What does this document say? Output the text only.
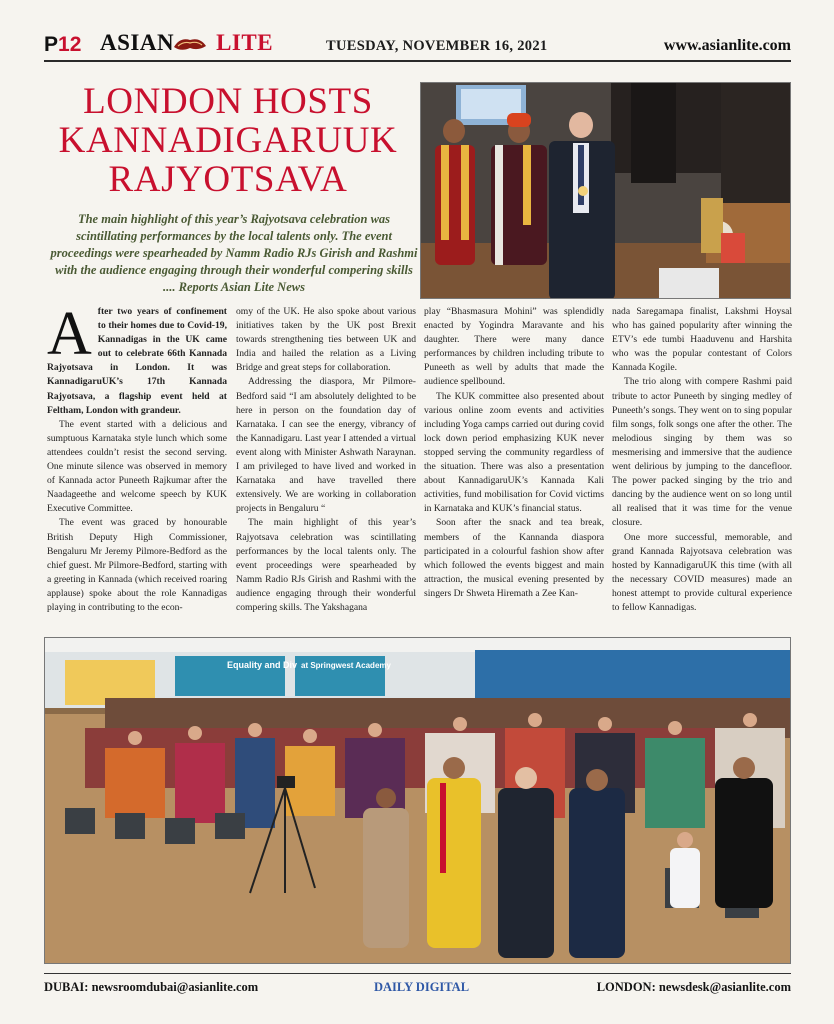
P12 ASIAN LITE	TUESDAY, NOVEMBER 16, 2021	www.asianlite.com
LONDON HOSTS KANNADIGARUUK RAJYOTSAVA

The main highlight of this year’s Rajyotsava celebration was scintillating performances by the local talents only. The event proceedings were spearheaded by Namm Radio RJs Girish and Rashmi with the audience engaging through their wonderful compering skills .... Reports Asian Lite News

After two years of confinement to their homes due to Covid-19, Kannadigas in the UK came out to celebrate 66th Kannada Rajyotsava in London. It was KannadigaruUK’s 17th Kannada Rajyotsava, a flagship event held at Feltham, London with grandeur.

The event started with a delicious and sumptuous Karnataka style lunch which some attendees couldn’t resist the second serving. One minute silence was observed in memory of Kannada actor Puneeth Rajkumar after the Naadageethe and welcome speech by KUK Executive Committee.

The event was graced by honourable British Deputy High Commissioner, Bengaluru Mr Jeremy Pilmore-Bedford as the chief guest. Mr Pilmore-Bedford, starting with a greeting in Kannada (which received roaring applause) spoke about the role Kannadigas playing in contributing to the econ-

omy of the UK. He also spoke about various initiatives taken by the UK post Brexit towards strengthening ties between UK and India and hailed the relation as a Living Bridge and great steps for collaboration.

Addressing the diaspora, Mr Pilmore-Bedford said “I am absolutely delighted to be here in person on the foundation day of Karnataka. I can see the energy, vibrancy of the Kannadigaru. Last year I attended a virtual event along with Minister Ashwath Naraynan. I am privileged to have lived and worked in Karnataka and have travelled there extensively. We are working in collaboration projects in Bengaluru “

The main highlight of this year’s Rajyotsava celebration was scintillating performances by the local talents only. The event proceedings were spearheaded by Namm Radio RJs Girish and Rashmi with the audience engaging through their wonderful compering skills. The Yakshagana

play “Bhasmasura Mohini” was splendidly enacted by Yogindra Maravante and his daughter. There were many dance performances by children including tribute to Puneeth as well by adults that made the audience spellbound.

The KUK committee also presented about various online zoom events and activities including Yoga camps carried out during covid lock down period emphasizing KUK never stopped serving the community regardless of the situation. There was also a presentation about KannadigaruUK’s Kannada Kali activities, fund mobilisation for Covid victims in Karnataka and KUK’s financial status.

Soon after the snack and tea break, members of the Kannanda diaspora participated in a colourful fashion show after which followed the events biggest and main attraction, the musical evening presented by singers Dr Shweta Hiremath a Zee Kan-

nada Saregamapa finalist, Lakshmi Hoysal who has gained popularity after winning the ETV’s ede tumbi Haaduvenu and Harshita who was the popular contestant of Colors Kannada Kogile.

The trio along with compere Rashmi paid tribute to actor Puneeth by singing medley of Puneeth’s songs. They went on to sing popular film songs, folk songs one after the other. The melodious singing by them was so mesmerising and immersive that the audience went delirious by jumping to the dancefloor. The power packed singing by the trio and dancing by the audience went on so long until all realised that it was time for the venue closure.

One more successful, memorable, and grand Kannada Rajyotsava celebration was hosted by KannadigaruUK this time (with all the necessary COVID measures) made an honest attempt to provide cultural experience to fellow Kannadigas.

Equality and Div at Springwest Academy
DUBAI: newsroomdubai@asianlite.com	DAILY DIGITAL	LONDON: newsdesk@asianlite.com
